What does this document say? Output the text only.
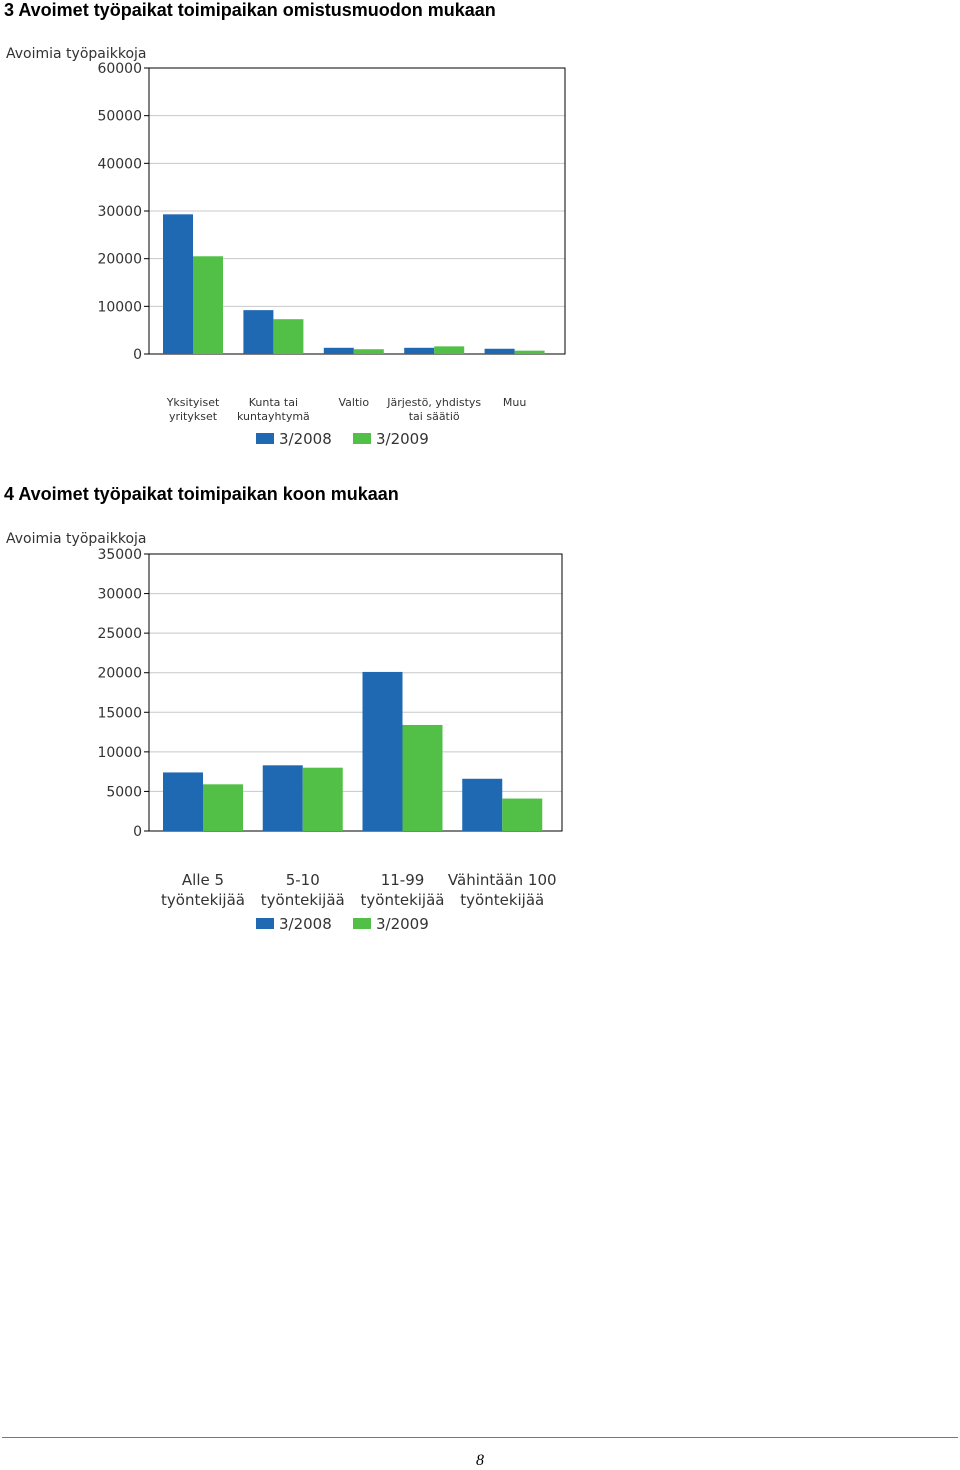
3 Avoimet työpaikat toimipaikan omistusmuodon mukaan
Avoimia työpaikkoja
0
10000
20000
30000
40000
50000
60000
Yksityiset
yritykset
Kunta tai
kuntayhtymä
Valtio Järjestö, yhdistys
tai säätiö
Muu
3/2008	3/2009
4 Avoimet työpaikat toimipaikan koon mukaan
Avoimia työpaikkoja
0
5000
10000
15000
20000
25000
30000
35000
Alle 5
työntekijää
5-10
työntekijää
11-99
työntekijää
Vähintään 100
työntekijää
3/2008	3/2009
8
